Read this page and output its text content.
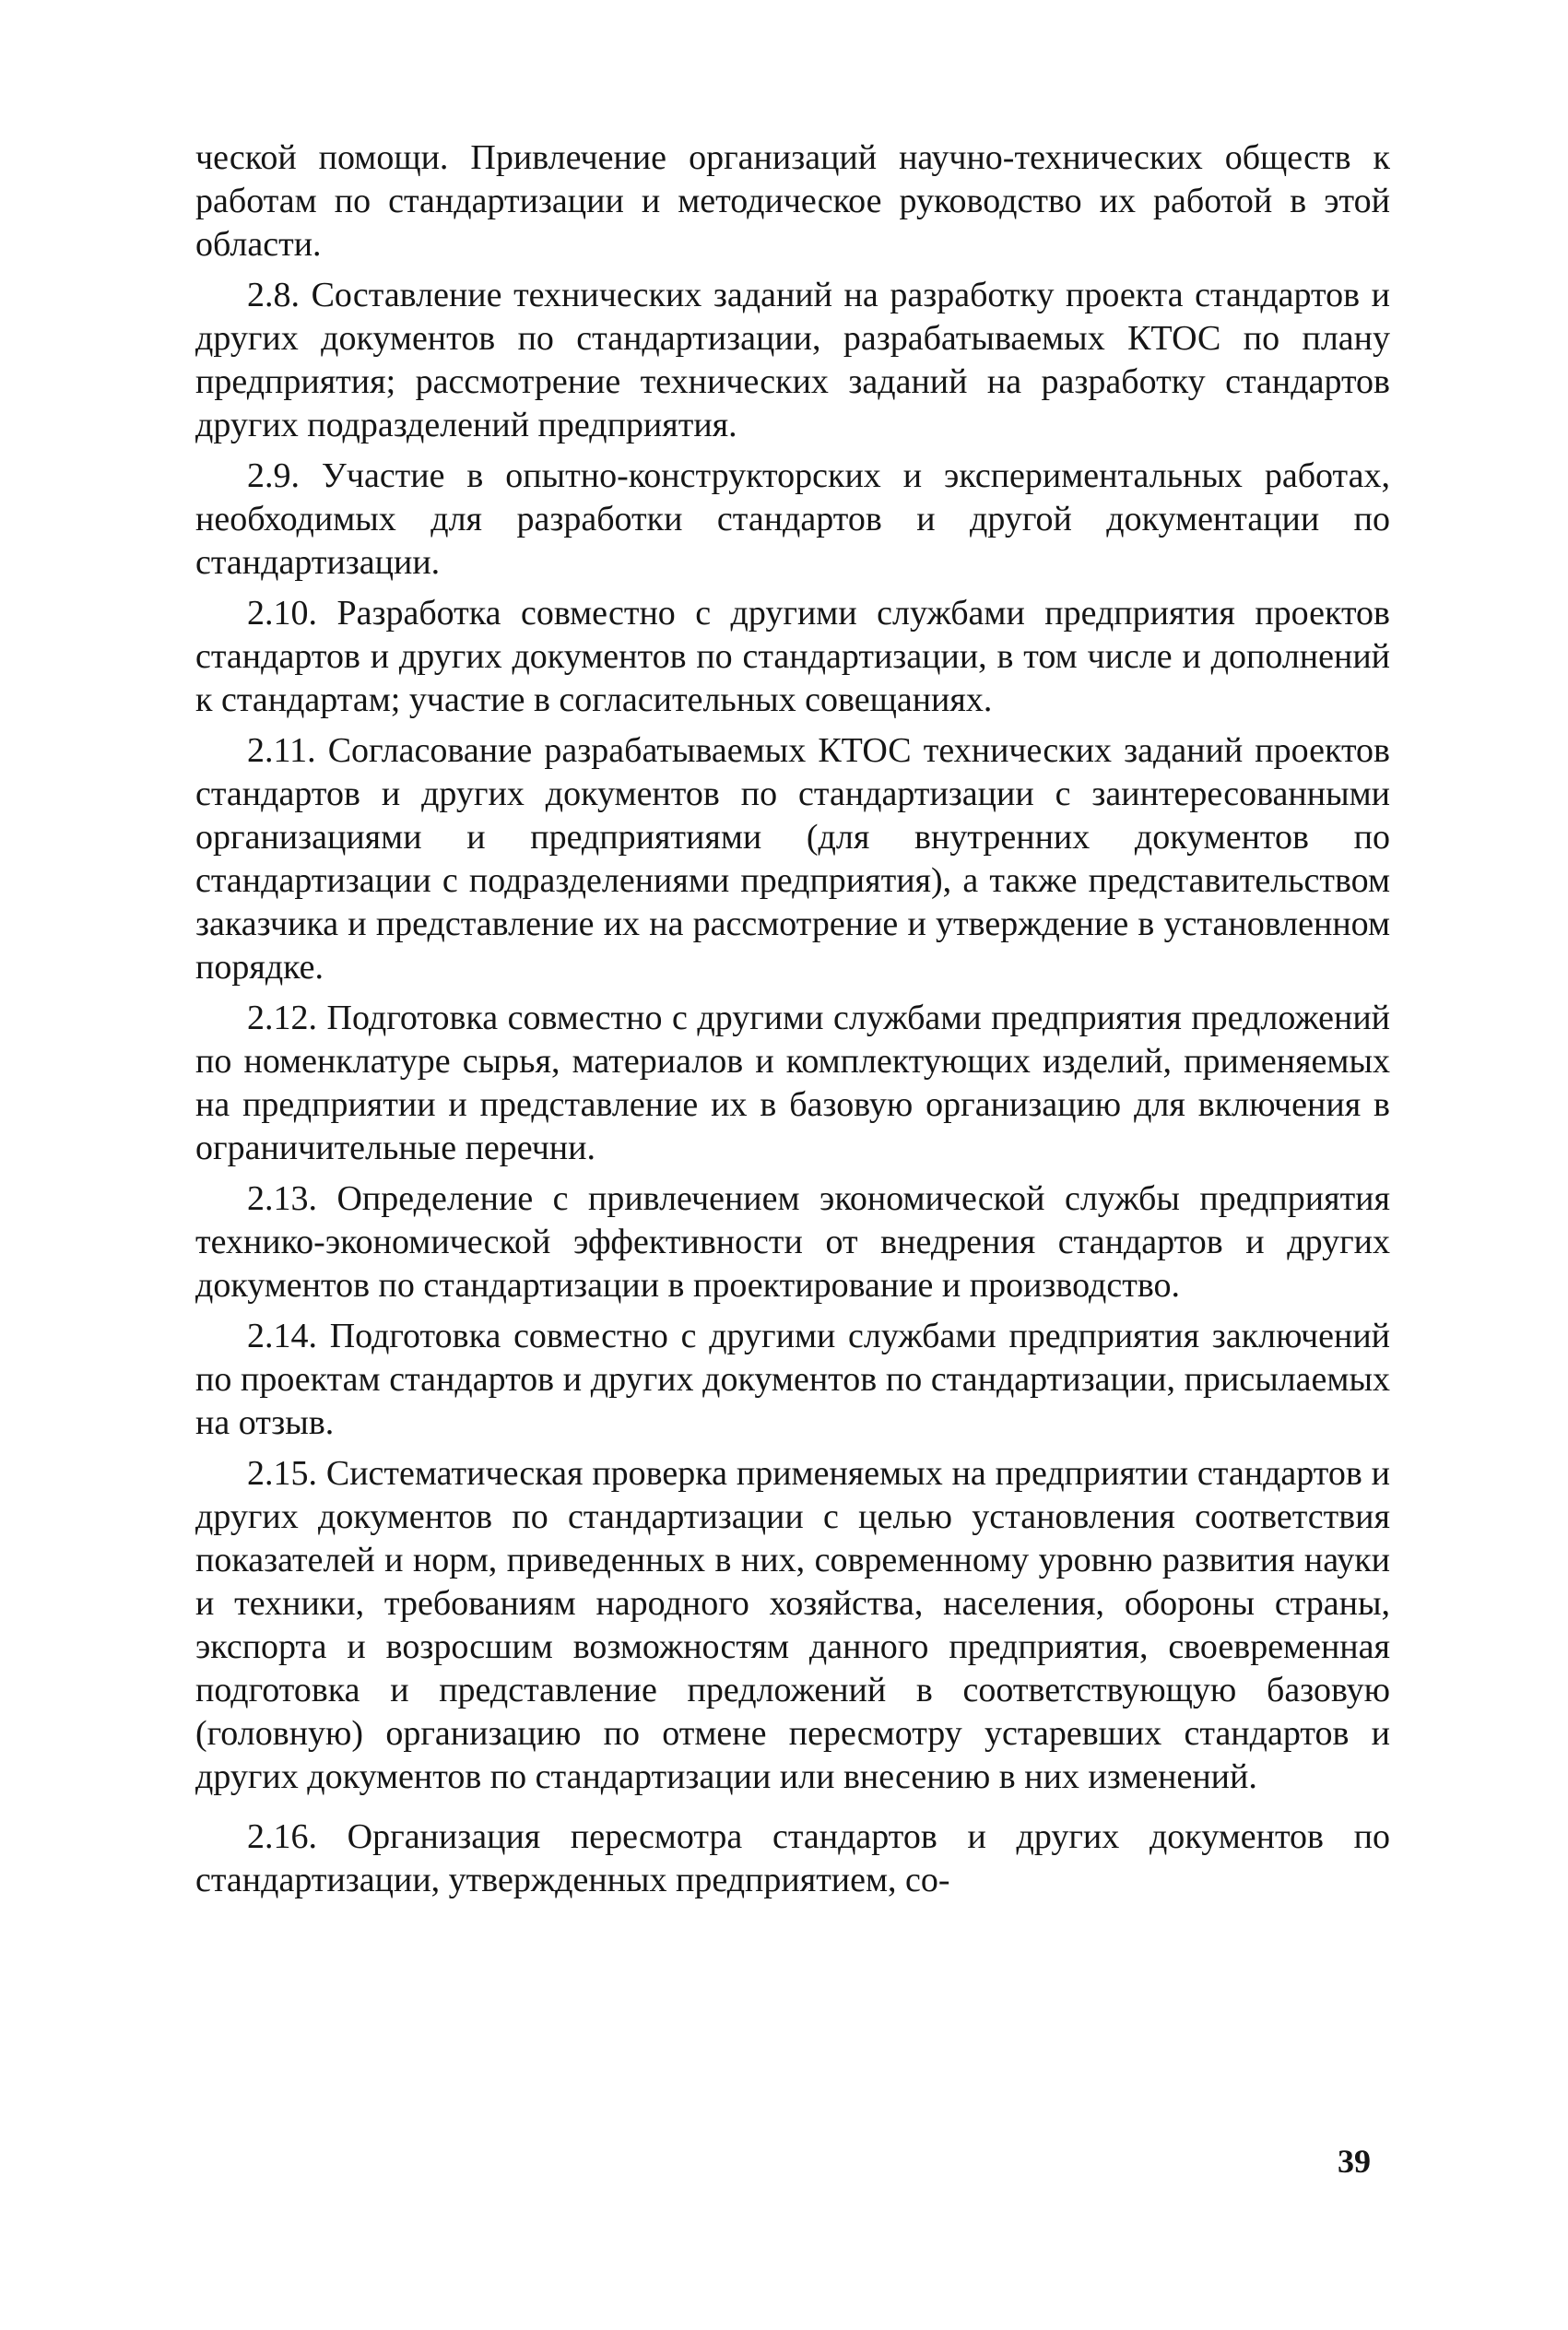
ческой помощи. Привлечение организаций научно-технических обществ к работам по стандартизации и методическое руководство их работой в этой области.

2.8. Составление технических заданий на разработку проекта стандартов и других документов по стандартизации, разрабатываемых КТОС по плану предприятия; рассмотрение технических заданий на разработку стандартов других подразделений предприятия.

2.9. Участие в опытно-конструкторских и экспериментальных работах, необходимых для разработки стандартов и другой документации по стандартизации.

2.10. Разработка совместно с другими службами предприятия проектов стандартов и других документов по стандартизации, в том числе и дополнений к стандартам; участие в согласительных совещаниях.

2.11. Согласование разрабатываемых КТОС технических заданий проектов стандартов и других документов по стандартизации с заинтересованными организациями и предприятиями (для внутренних документов по стандартизации с подразделениями предприятия), а также представительством заказчика и представление их на рассмотрение и утверждение в установленном порядке.

2.12. Подготовка совместно с другими службами предприятия предложений по номенклатуре сырья, материалов и комплектующих изделий, применяемых на предприятии и представление их в базовую организацию для включения в ограничительные перечни.

2.13. Определение с привлечением экономической службы предприятия технико-экономической эффективности от внедрения стандартов и других документов по стандартизации в проектирование и производство.

2.14. Подготовка совместно с другими службами предприятия заключений по проектам стандартов и других документов по стандартизации, присылаемых на отзыв.

2.15. Систематическая проверка применяемых на предприятии стандартов и других документов по стандартизации с целью установления соответствия показателей и норм, приведенных в них, современному уровню развития науки и техники, требованиям народного хозяйства, населения, обороны страны, экспорта и возросшим возможностям данного предприятия, своевременная подготовка и представление предложений в соответствующую базовую (головную) организацию по отмене пересмотру устаревших стандартов и других документов по стандартизации или внесению в них изменений.

2.16. Организация пересмотра стандартов и других документов по стандартизации, утвержденных предприятием, со-

39
